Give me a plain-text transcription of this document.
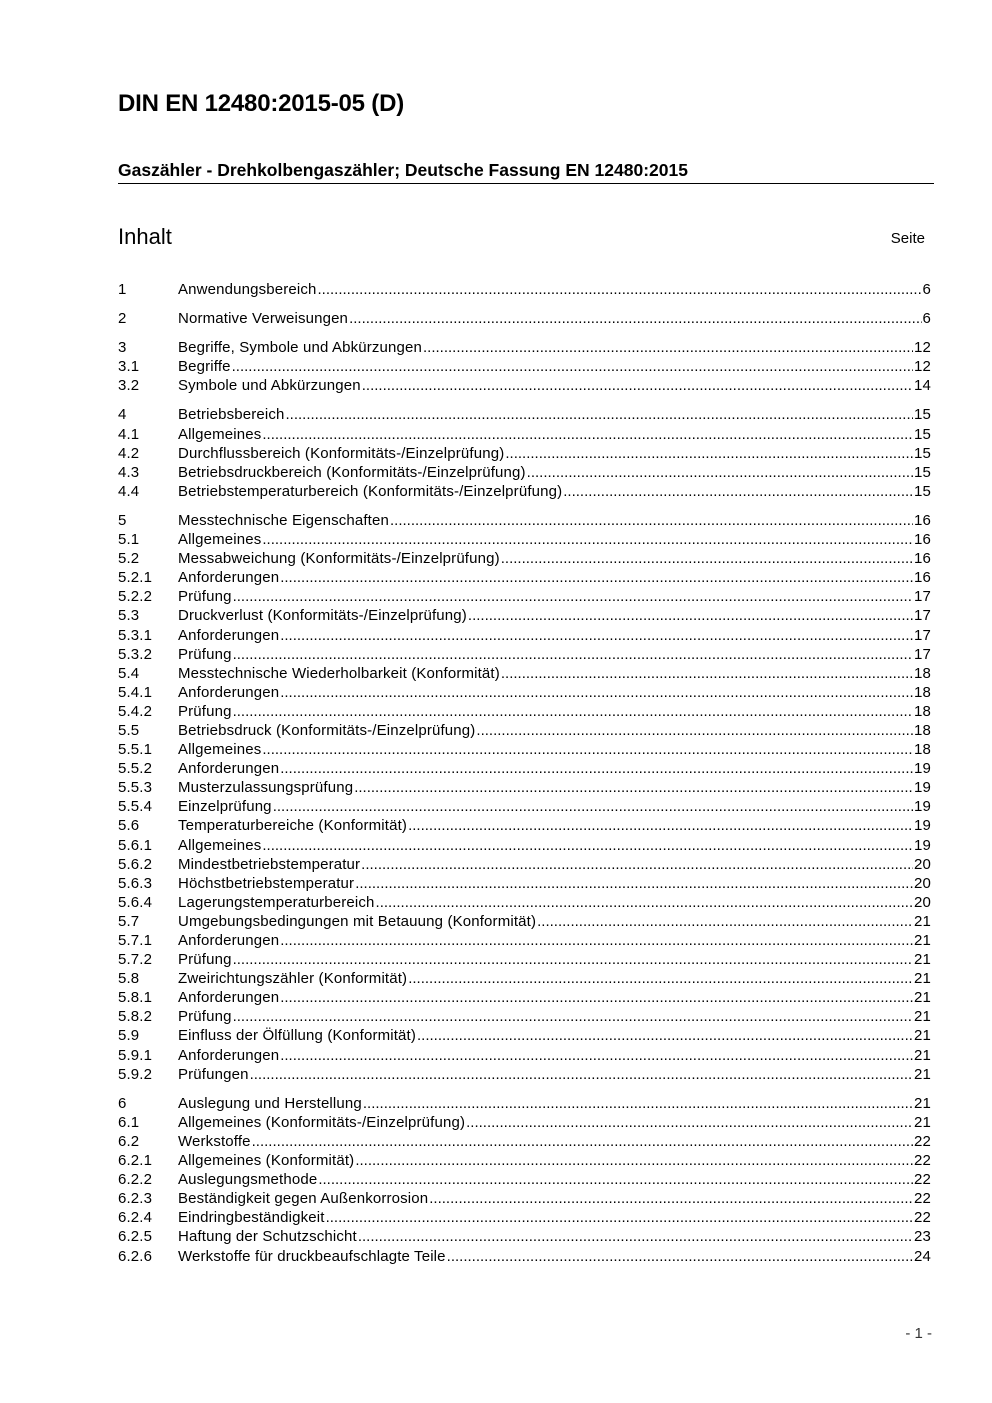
DIN EN 12480:2015-05 (D)
Gaszähler - Drehkolbengaszähler; Deutsche Fassung EN 12480:2015
Inhalt	Seite
1	Anwendungsbereich .....	6
2	Normative Verweisungen .....	6
3	Begriffe, Symbole und Abkürzungen .....	12
3.1	Begriffe .....	12
3.2	Symbole und Abkürzungen .....	14
4	Betriebsbereich .....	15
4.1	Allgemeines .....	15
4.2	Durchflussbereich (Konformitäts-/Einzelprüfung) .....	15
4.3	Betriebsdruckbereich (Konformitäts-/Einzelprüfung) .....	15
4.4	Betriebstemperaturbereich (Konformitäts-/Einzelprüfung) .....	15
5	Messtechnische Eigenschaften .....	16
5.1	Allgemeines .....	16
5.2	Messabweichung (Konformitäts-/Einzelprüfung) .....	16
5.2.1	Anforderungen .....	16
5.2.2	Prüfung .....	17
5.3	Druckverlust (Konformitäts-/Einzelprüfung) .....	17
5.3.1	Anforderungen .....	17
5.3.2	Prüfung .....	17
5.4	Messtechnische Wiederholbarkeit (Konformität) .....	18
5.4.1	Anforderungen .....	18
5.4.2	Prüfung .....	18
5.5	Betriebsdruck (Konformitäts-/Einzelprüfung) .....	18
5.5.1	Allgemeines .....	18
5.5.2	Anforderungen .....	19
5.5.3	Musterzulassungsprüfung .....	19
5.5.4	Einzelprüfung .....	19
5.6	Temperaturbereiche (Konformität) .....	19
5.6.1	Allgemeines .....	19
5.6.2	Mindestbetriebstemperatur .....	20
5.6.3	Höchstbetriebstemperatur .....	20
5.6.4	Lagerungstemperaturbereich .....	20
5.7	Umgebungsbedingungen mit Betauung (Konformität) .....	21
5.7.1	Anforderungen .....	21
5.7.2	Prüfung .....	21
5.8	Zweirichtungszähler (Konformität) .....	21
5.8.1	Anforderungen .....	21
5.8.2	Prüfung .....	21
5.9	Einfluss der Ölfüllung (Konformität) .....	21
5.9.1	Anforderungen .....	21
5.9.2	Prüfungen .....	21
6	Auslegung und Herstellung .....	21
6.1	Allgemeines (Konformitäts-/Einzelprüfung) .....	21
6.2	Werkstoffe .....	22
6.2.1	Allgemeines (Konformität) .....	22
6.2.2	Auslegungsmethode .....	22
6.2.3	Beständigkeit gegen Außenkorrosion .....	22
6.2.4	Eindringbeständigkeit .....	22
6.2.5	Haftung der Schutzschicht .....	23
6.2.6	Werkstoffe für druckbeaufschlagte Teile .....	24
- 1 -
